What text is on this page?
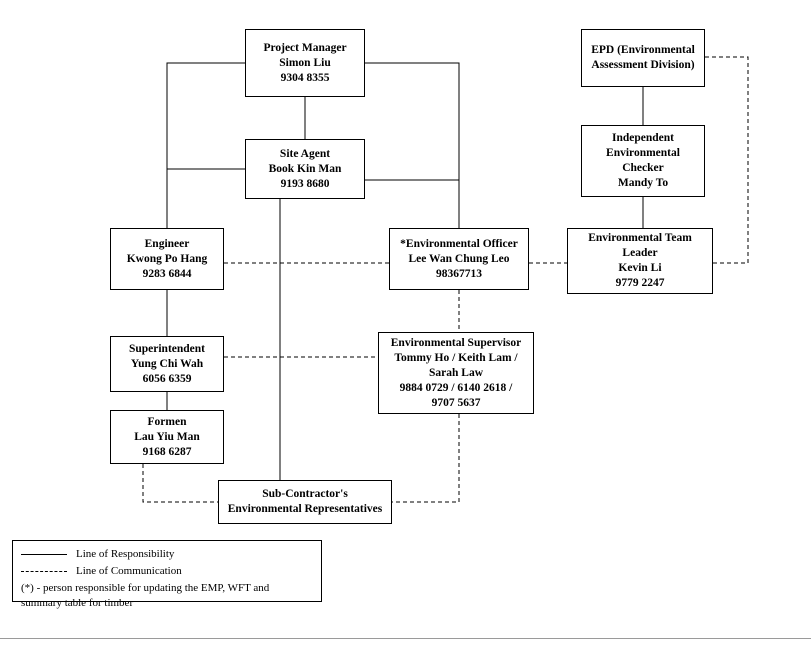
Project Manager
Simon Liu
9304 8355
Site Agent
Book Kin Man
9193 8680
Engineer
Kwong Po Hang
9283 6844
*Environmental Officer
Lee Wan Chung Leo
98367713
Environmental Team
Leader
Kevin Li
9779 2247
EPD (Environmental
Assessment Division)
Independent
Environmental
Checker
Mandy To
Superintendent
Yung Chi Wah
6056 6359
Environmental Supervisor
Tommy Ho / Keith Lam /
Sarah Law
9884 0729 / 6140 2618 /
9707 5637
Formen
Lau Yiu Man
9168 6287
Sub-Contractor's
Environmental Representatives
Line of Responsibility
Line of Communication
(*) - person responsible for updating the EMP, WFT and summary table for timber
